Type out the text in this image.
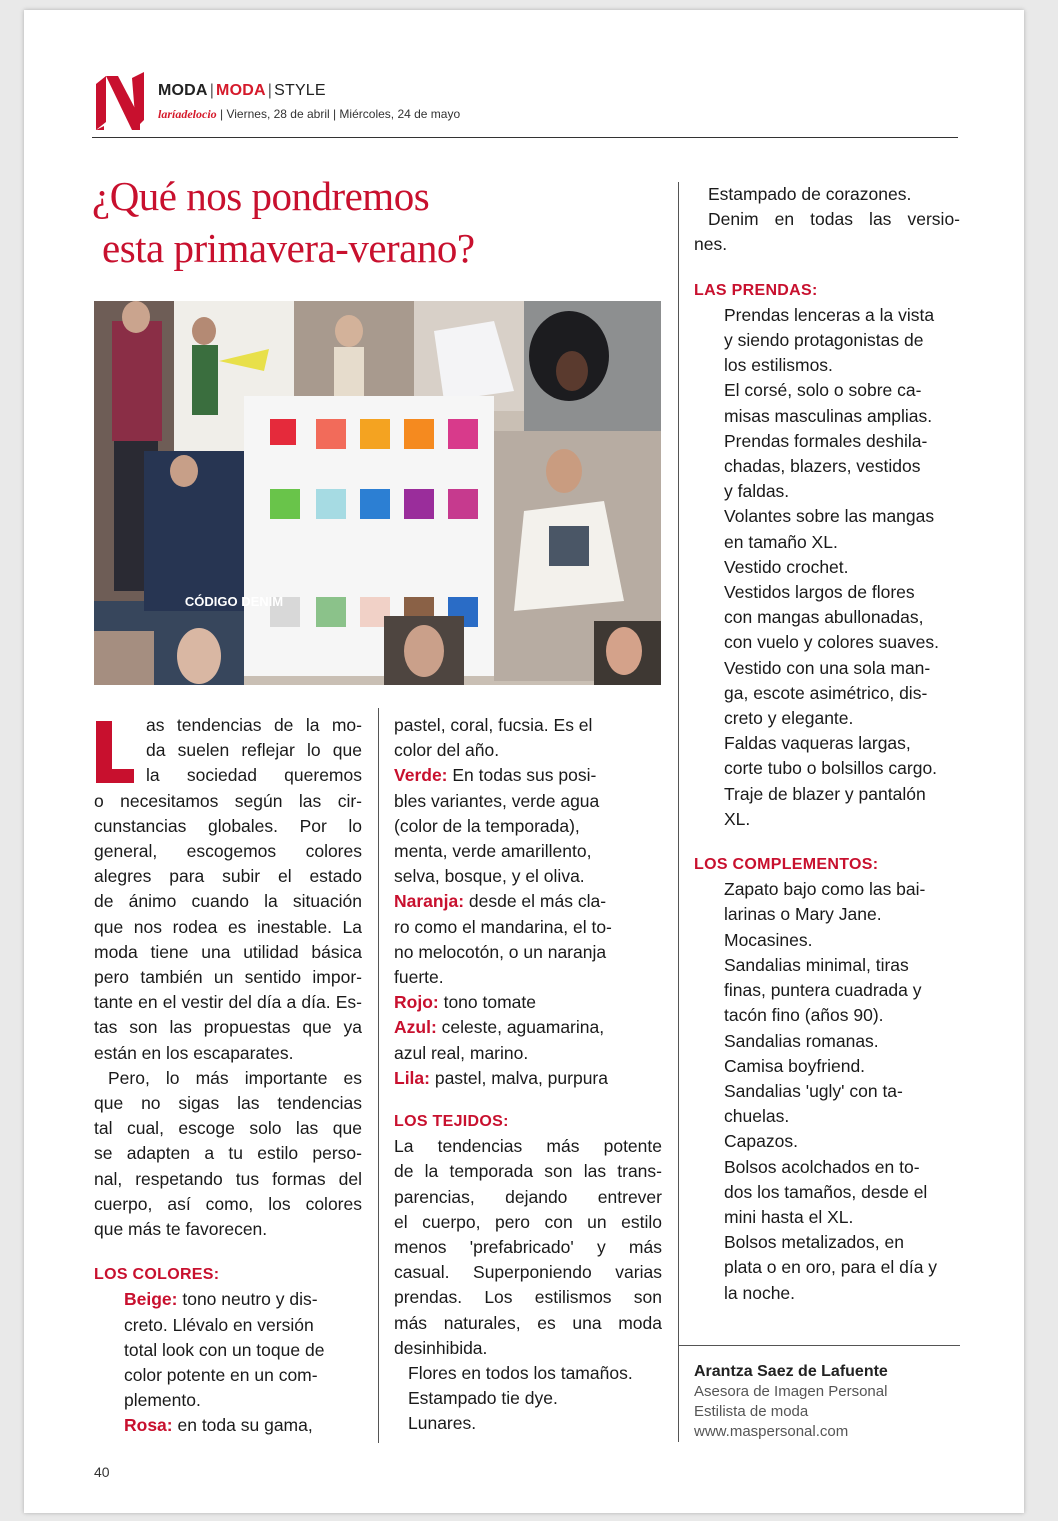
MODA | MODA | STYLE
laríadelocio | Viernes, 28 de abril | Miércoles, 24 de mayo
¿Qué nos pondremos
esta primavera-verano?
CÓDIGO DENIM
L	as tendencias de la mo-
da suelen reflejar lo que
la sociedad queremos
o necesitamos según las cir-
cunstancias globales. Por lo
general, escogemos colores
alegres para subir el estado
de ánimo cuando la situación
que nos rodea es inestable. La
moda tiene una utilidad básica
pero también un sentido impor-
tante en el vestir del día a día. Es-
tas son las propuestas que ya
están en los escaparates.
Pero, lo más importante es
que no sigas las tendencias
tal cual, escoge solo las que
se adapten a tu estilo perso-
nal, respetando tus formas del
cuerpo, así como, los colores
que más te favorecen.
LOS COLORES:
Beige: tono neutro y dis-
creto. Llévalo en versión
total look con un toque de
color potente en un com-
plemento.
Rosa: en toda su gama,
pastel, coral, fucsia. Es el
color del año.
Verde: En todas sus posi-
bles variantes, verde agua
(color de la temporada),
menta, verde amarillento,
selva, bosque, y el oliva.
Naranja: desde el más cla-
ro como el mandarina, el to-
no melocotón, o un naranja
fuerte.
Rojo: tono tomate
Azul: celeste, aguamarina,
azul real, marino.
Lila: pastel, malva, purpura
LOS TEJIDOS:
La tendencias más potente
de la temporada son las trans-
parencias, dejando entrever
el cuerpo, pero con un estilo
menos 'prefabricado' y más
casual. Superponiendo varias
prendas. Los estilismos son
más naturales, es una moda
desinhibida.
Flores en todos los tamaños.
Estampado tie dye.
Lunares.
Estampado de corazones.
Denim en todas las versio-
nes.
LAS PRENDAS:
Prendas lenceras a la vista
y siendo protagonistas de
los estilismos.
El corsé, solo o sobre ca-
misas masculinas amplias.
Prendas formales deshila-
chadas, blazers, vestidos
y faldas.
Volantes sobre las mangas
en tamaño XL.
Vestido crochet.
Vestidos largos de flores
con mangas abullonadas,
con vuelo y colores suaves.
Vestido con una sola man-
ga, escote asimétrico, dis-
creto y elegante.
Faldas vaqueras largas,
corte tubo o bolsillos cargo.
Traje de blazer y pantalón
XL.
LOS COMPLEMENTOS:
Zapato bajo como las bai-
larinas o Mary Jane.
Mocasines.
Sandalias minimal, tiras
finas, puntera cuadrada y
tacón fino (años 90).
Sandalias romanas.
Camisa boyfriend.
Sandalias 'ugly' con ta-
chuelas.
Capazos.
Bolsos acolchados en to-
dos los tamaños, desde el
mini hasta el XL.
Bolsos metalizados, en
plata o en oro, para el día y
la noche.
Arantza Saez de Lafuente
Asesora de Imagen Personal
Estilista de moda
www.maspersonal.com
40
